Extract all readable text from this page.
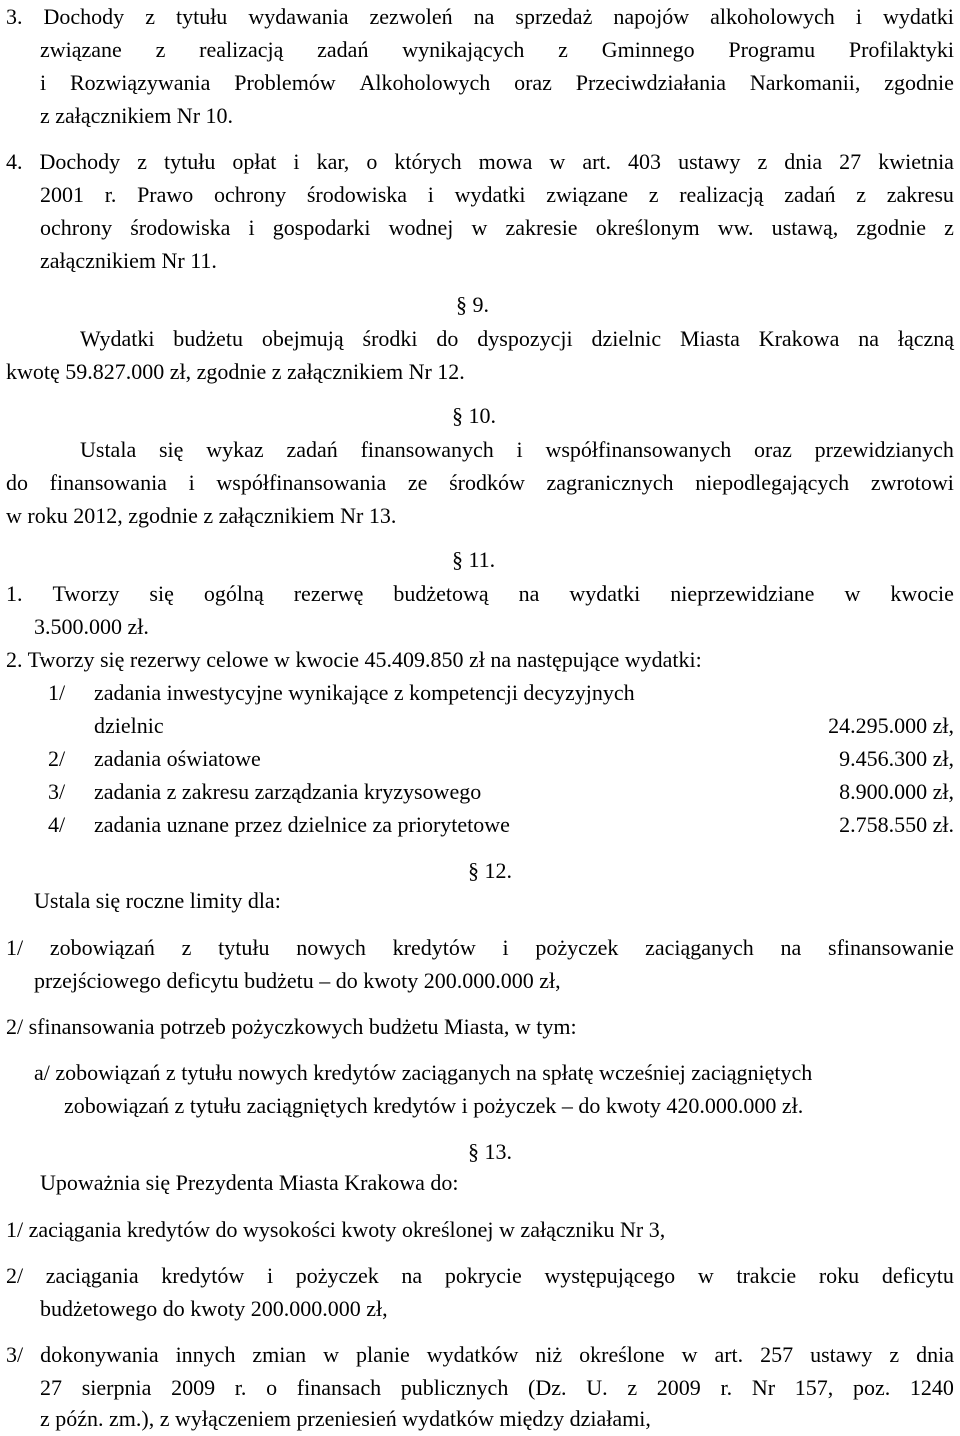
3. Dochody z tytułu wydawania zezwoleń na sprzedaż napojów alkoholowych i wydatki
związane z realizacją zadań wynikających z Gminnego Programu Profilaktyki
i Rozwiązywania Problemów Alkoholowych oraz Przeciwdziałania Narkomanii, zgodnie
z załącznikiem Nr 10.
4. Dochody z tytułu opłat i kar, o których mowa w art. 403 ustawy z dnia 27 kwietnia
2001 r. Prawo ochrony środowiska i wydatki związane z realizacją zadań z zakresu
ochrony środowiska i gospodarki wodnej w zakresie określonym ww. ustawą, zgodnie z
załącznikiem Nr 11.
§ 9.
Wydatki budżetu obejmują środki do dyspozycji dzielnic Miasta Krakowa na łączną
kwotę 59.827.000 zł, zgodnie z załącznikiem Nr 12.
§ 10.
Ustala się wykaz zadań finansowanych i współfinansowanych oraz przewidzianych
do finansowania i współfinansowania ze środków zagranicznych niepodlegających zwrotowi
w roku 2012, zgodnie z załącznikiem Nr 13.
§ 11.
1. Tworzy się ogólną rezerwę budżetową na wydatki nieprzewidziane w kwocie
3.500.000 zł.
2. Tworzy się rezerwy celowe w kwocie 45.409.850 zł na następujące wydatki:
1/ zadania inwestycyjne wynikające z kompetencji decyzyjnych
dzielnic	24.295.000 zł,
2/ zadania oświatowe	9.456.300 zł,
3/ zadania z zakresu zarządzania kryzysowego	8.900.000 zł,
4/ zadania uznane przez dzielnice za priorytetowe	2.758.550 zł.
§ 12.
Ustala się roczne limity dla:
1/ zobowiązań z tytułu nowych kredytów i pożyczek zaciąganych na sfinansowanie
przejściowego deficytu budżetu – do kwoty 200.000.000 zł,
2/ sfinansowania potrzeb pożyczkowych budżetu Miasta, w tym:
a/ zobowiązań z tytułu nowych kredytów zaciąganych na spłatę wcześniej zaciągniętych
zobowiązań z tytułu zaciągniętych kredytów i pożyczek – do kwoty 420.000.000 zł.
§ 13.
Upoważnia się Prezydenta Miasta Krakowa do:
1/ zaciągania kredytów do wysokości kwoty określonej w załączniku Nr 3,
2/ zaciągania kredytów i pożyczek na pokrycie występującego w trakcie roku deficytu
budżetowego do kwoty 200.000.000 zł,
3/ dokonywania innych zmian w planie wydatków niż określone w art. 257 ustawy z dnia
27 sierpnia 2009 r. o finansach publicznych (Dz. U. z 2009 r. Nr 157, poz. 1240
z późn. zm.), z wyłączeniem przeniesień wydatków między działami,
